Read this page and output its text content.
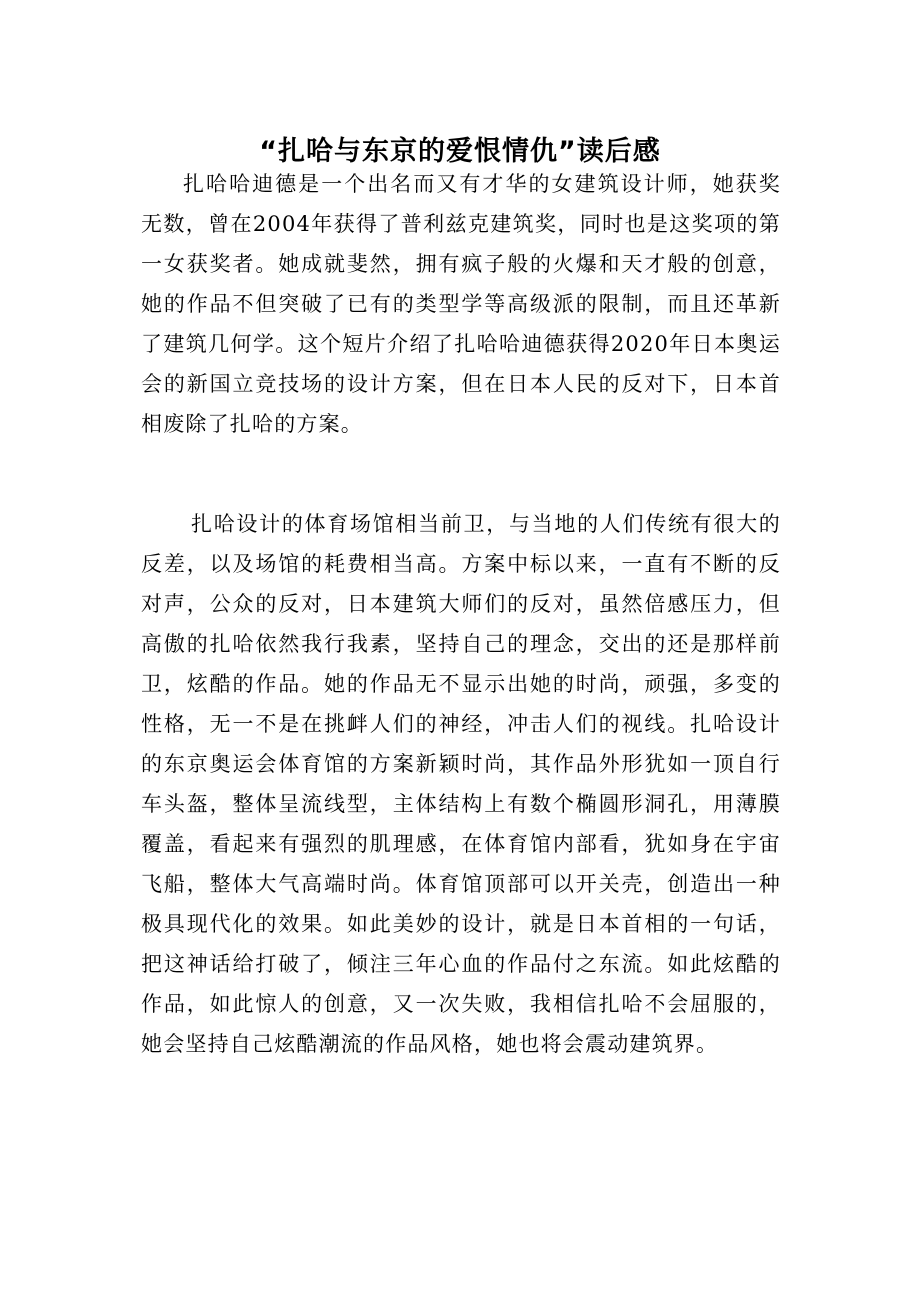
“扎哈与东京的爱恨情仇”读后感

扎哈哈迪德是一个出名而又有才华的女建筑设计师，她获奖无数，曾在2004年获得了普利兹克建筑奖，同时也是这奖项的第一女获奖者。她成就斐然，拥有疯子般的火爆和天才般的创意，她的作品不但突破了已有的类型学等高级派的限制，而且还革新了建筑几何学。这个短片介绍了扎哈哈迪德获得2020年日本奥运会的新国立竞技场的设计方案，但在日本人民的反对下，日本首相废除了扎哈的方案。

扎哈设计的体育场馆相当前卫，与当地的人们传统有很大的反差，以及场馆的耗费相当高。方案中标以来，一直有不断的反对声，公众的反对，日本建筑大师们的反对，虽然倍感压力，但高傲的扎哈依然我行我素，坚持自己的理念，交出的还是那样前卫，炫酷的作品。她的作品无不显示出她的时尚，顽强，多变的性格，无一不是在挑衅人们的神经，冲击人们的视线。扎哈设计的东京奥运会体育馆的方案新颖时尚，其作品外形犹如一顶自行车头盔，整体呈流线型，主体结构上有数个椭圆形洞孔，用薄膜覆盖，看起来有强烈的肌理感，在体育馆内部看，犹如身在宇宙飞船，整体大气高端时尚。体育馆顶部可以开关壳，创造出一种极具现代化的效果。如此美妙的设计，就是日本首相的一句话，把这神话给打破了，倾注三年心血的作品付之东流。如此炫酷的作品，如此惊人的创意，又一次失败，我相信扎哈不会屈服的，她会坚持自己炫酷潮流的作品风格，她也将会震动建筑界。
